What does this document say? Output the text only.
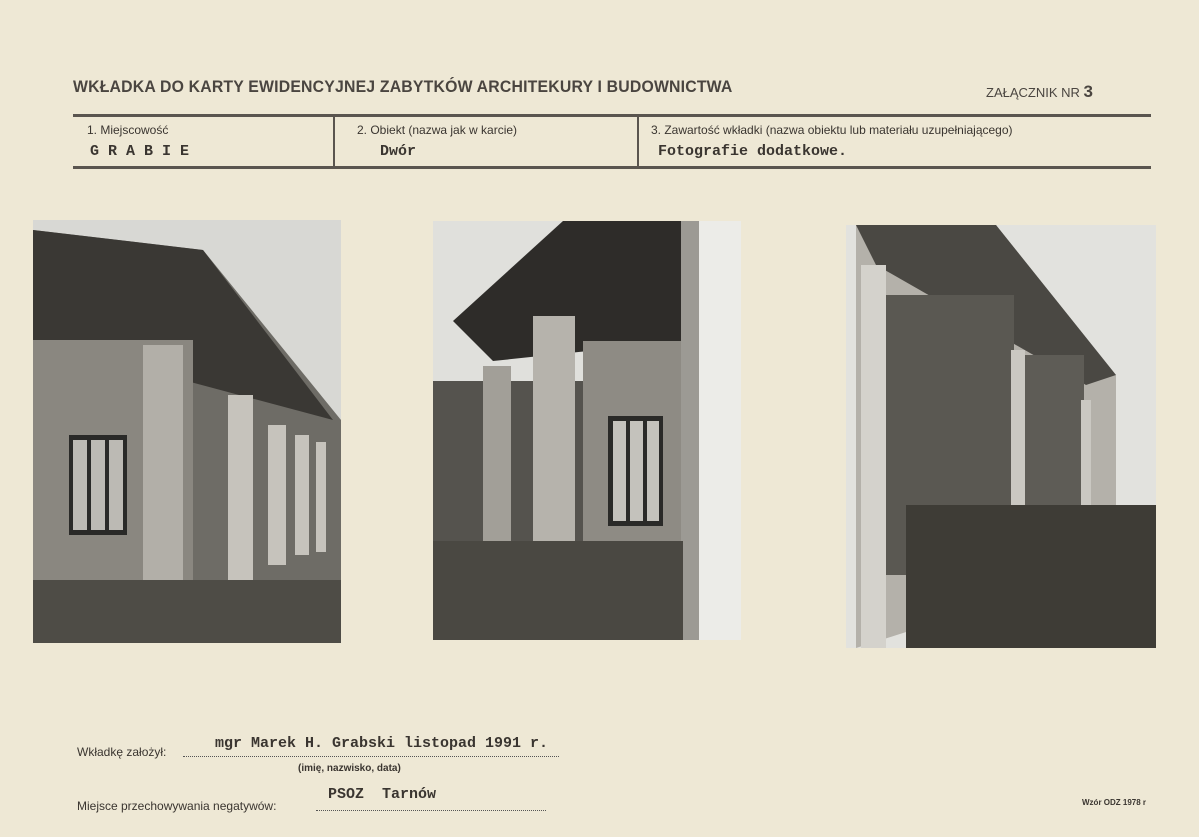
WKŁADKA DO KARTY EWIDENCYJNEJ ZABYTKÓW ARCHITEKURY I BUDOWNICTWA	ZAŁĄCZNIK NR 3
1. Miejscowość
G R A B I E
2. Obiekt (nazwa jak w karcie)
Dwór
3. Zawartość wkładki (nazwa obiektu lub materiału uzupełniającego)
Fotografie dodatkowe.
Wkładkę założył:	mgr Marek H. Grabski listopad 1991 r.
(imię, nazwisko, data)
Miejsce przechowywania negatywów:
PSOZ  Tarnów	Wzór ODZ 1978 r
